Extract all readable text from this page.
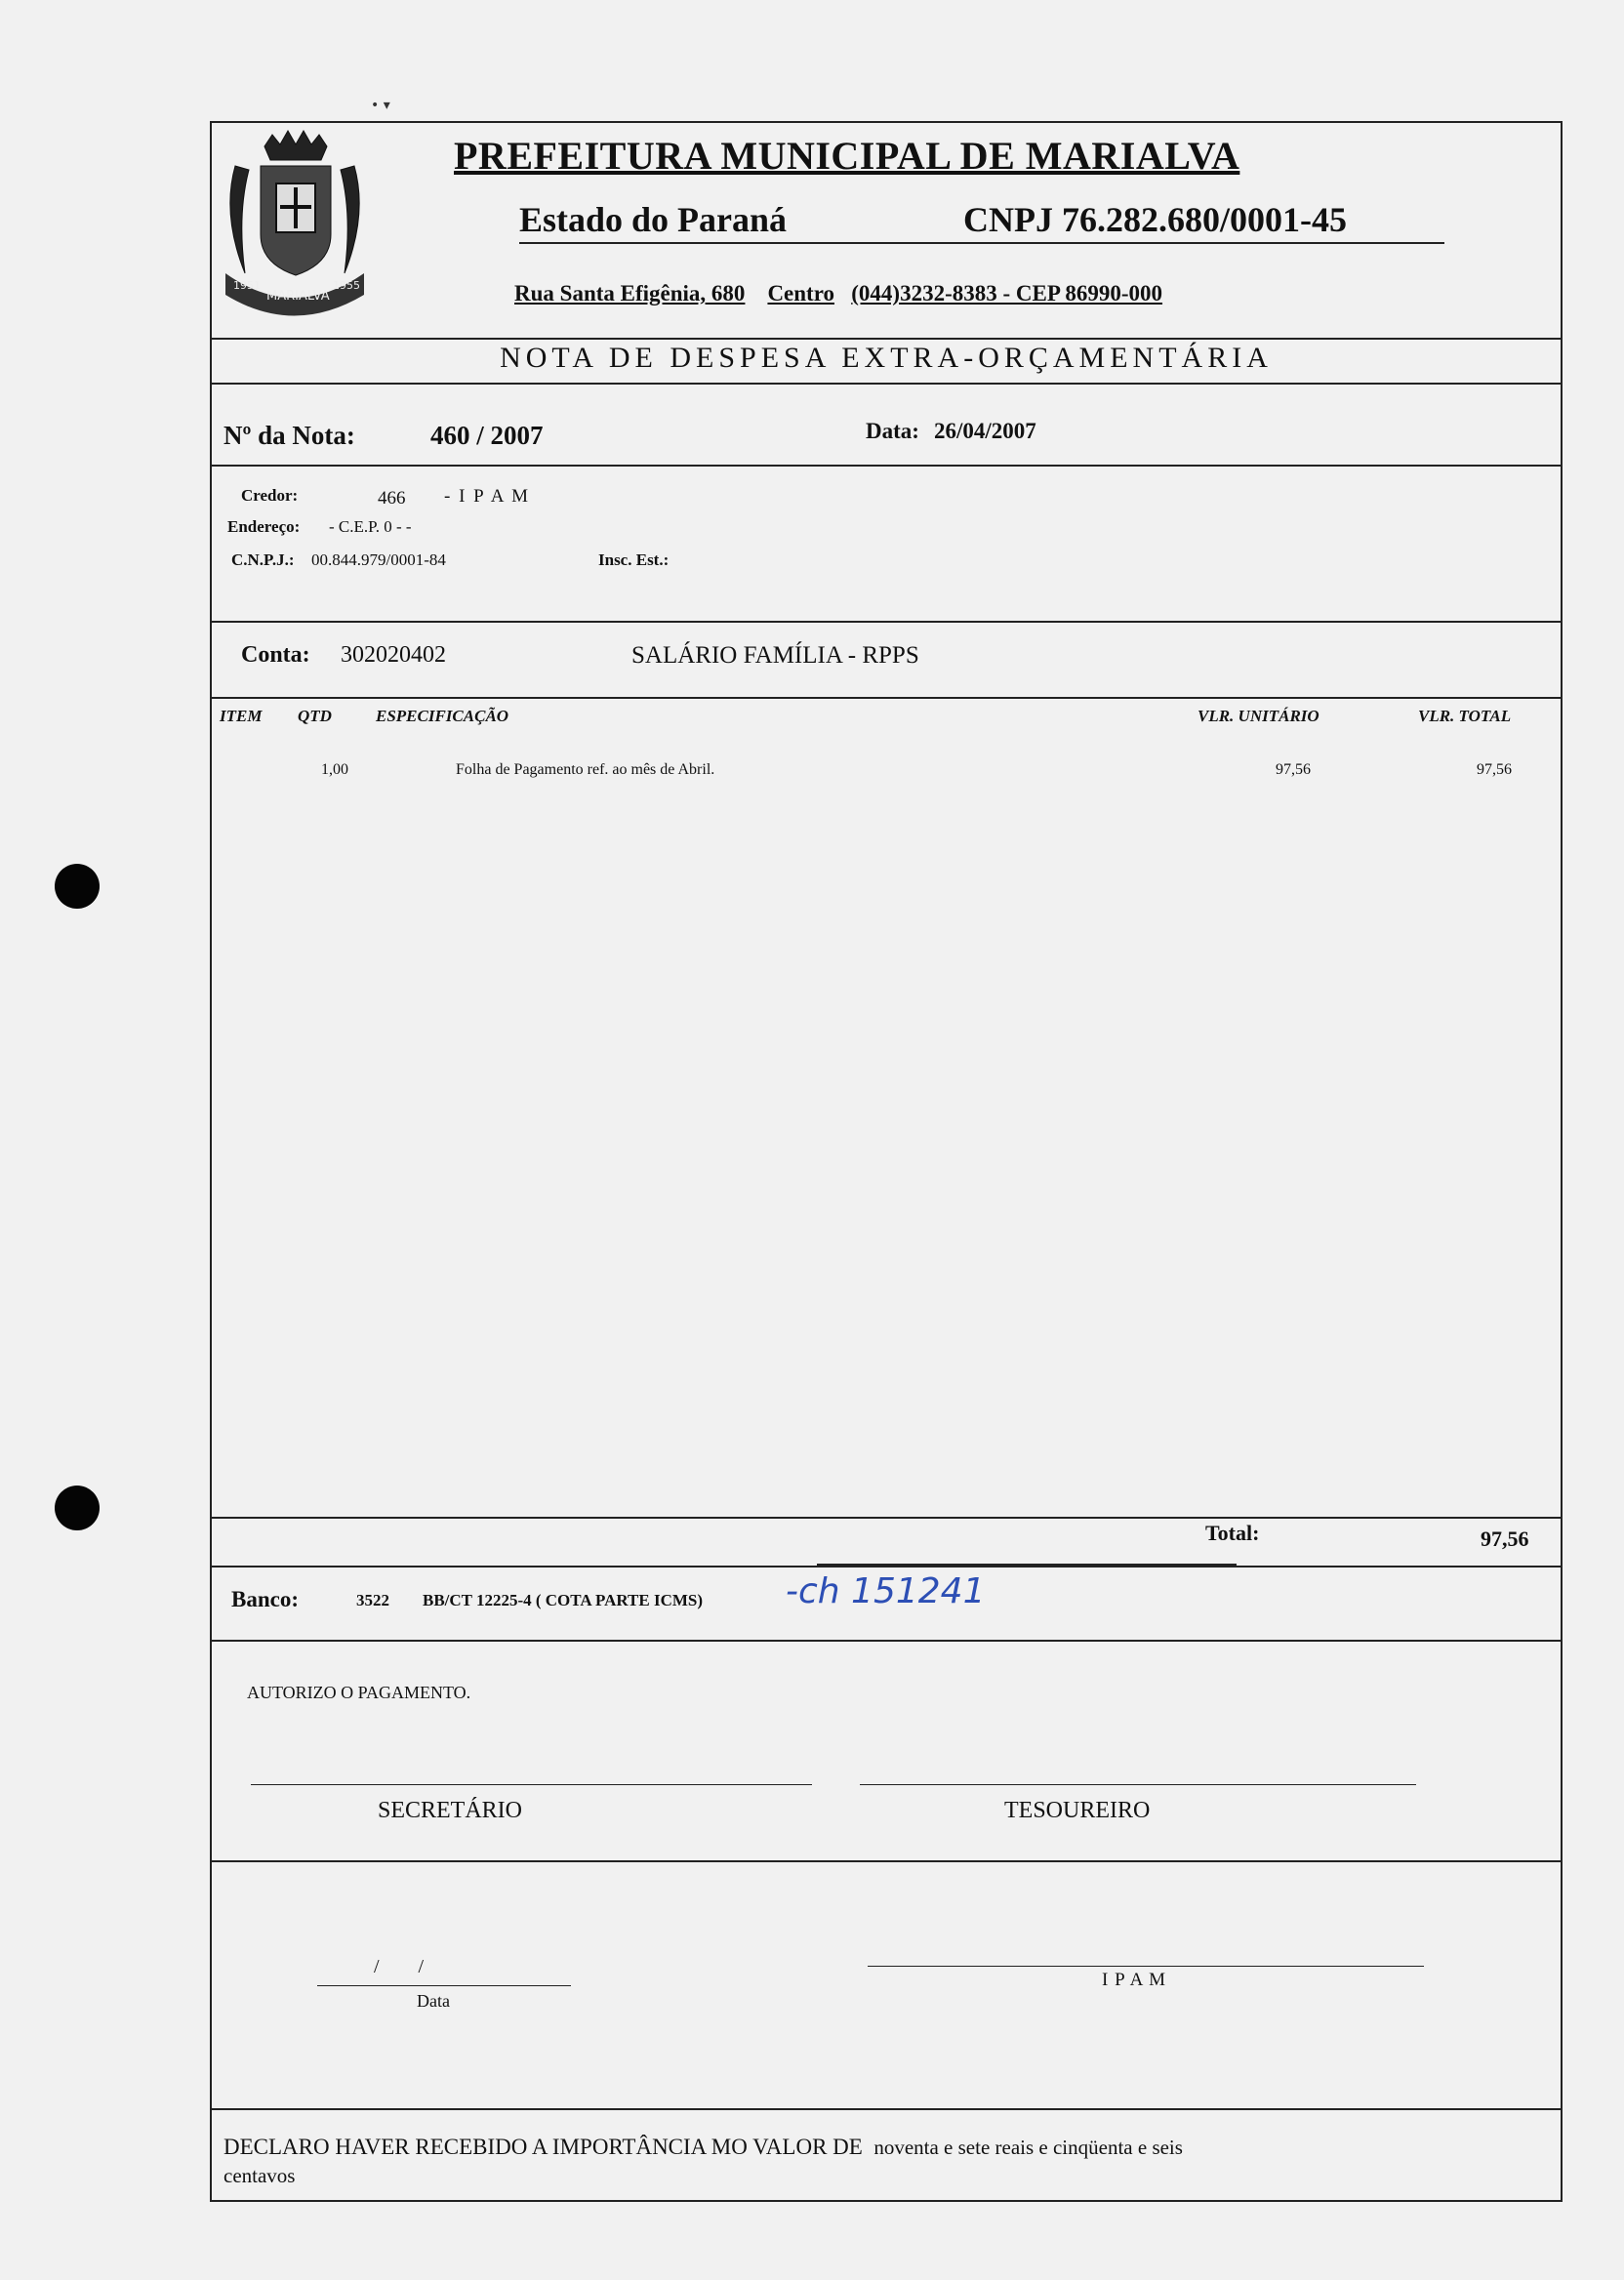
• ▾
MARIALVA
1951	1955
PREFEITURA MUNICIPAL DE MARIALVA
Estado do Paraná	CNPJ 76.282.680/0001-45
Rua Santa Efigênia, 680 Centro (044)3232-8383 - CEP 86990-000
NOTA DE DESPESA EXTRA-ORÇAMENTÁRIA
Nº da Nota:	460 / 2007	Data: 26/04/2007
Credor:	466 - I P A M
Endereço: - C.E.P. 0 - -
C.N.P.J.: 00.844.979/0001-84	Insc. Est.:
Conta: 302020402	SALÁRIO FAMÍLIA - RPPS
ITEM QTD	ESPECIFICAÇÃO	VLR. UNITÁRIO	VLR. TOTAL
1,00	Folha de Pagamento ref. ao mês de Abril.	97,56	97,56
Total:	97,56
Banco:	3522 BB/CT 12225-4 ( COTA PARTE ICMS) -ch 151241
AUTORIZO O PAGAMENTO.
SECRETÁRIO	TESOUREIRO
/        /
Data
I P A M
DECLARO HAVER RECEBIDO A IMPORTÂNCIA MO VALOR DE noventa e sete reais e cinqüenta e seis
centavos
